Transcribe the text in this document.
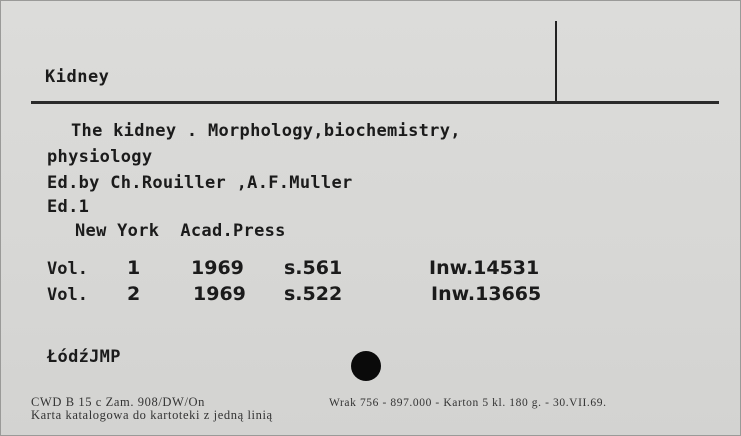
Kidney
The kidney . Morphology,biochemistry,
physiology
Ed.by Ch.Rouiller ,A.F.Muller
Ed.1
New York  Acad.Press
Vol. 1	1969 s.561	Inw.14531
Vol. 2	1969 s.522	Inw.13665
ŁódźJMP
CWD B 15 c Zam. 908/DW/On
Karta katalogowa do kartoteki z jedną linią
Wrak 756 - 897.000 - Karton 5 kl. 180 g. - 30.VII.69.
